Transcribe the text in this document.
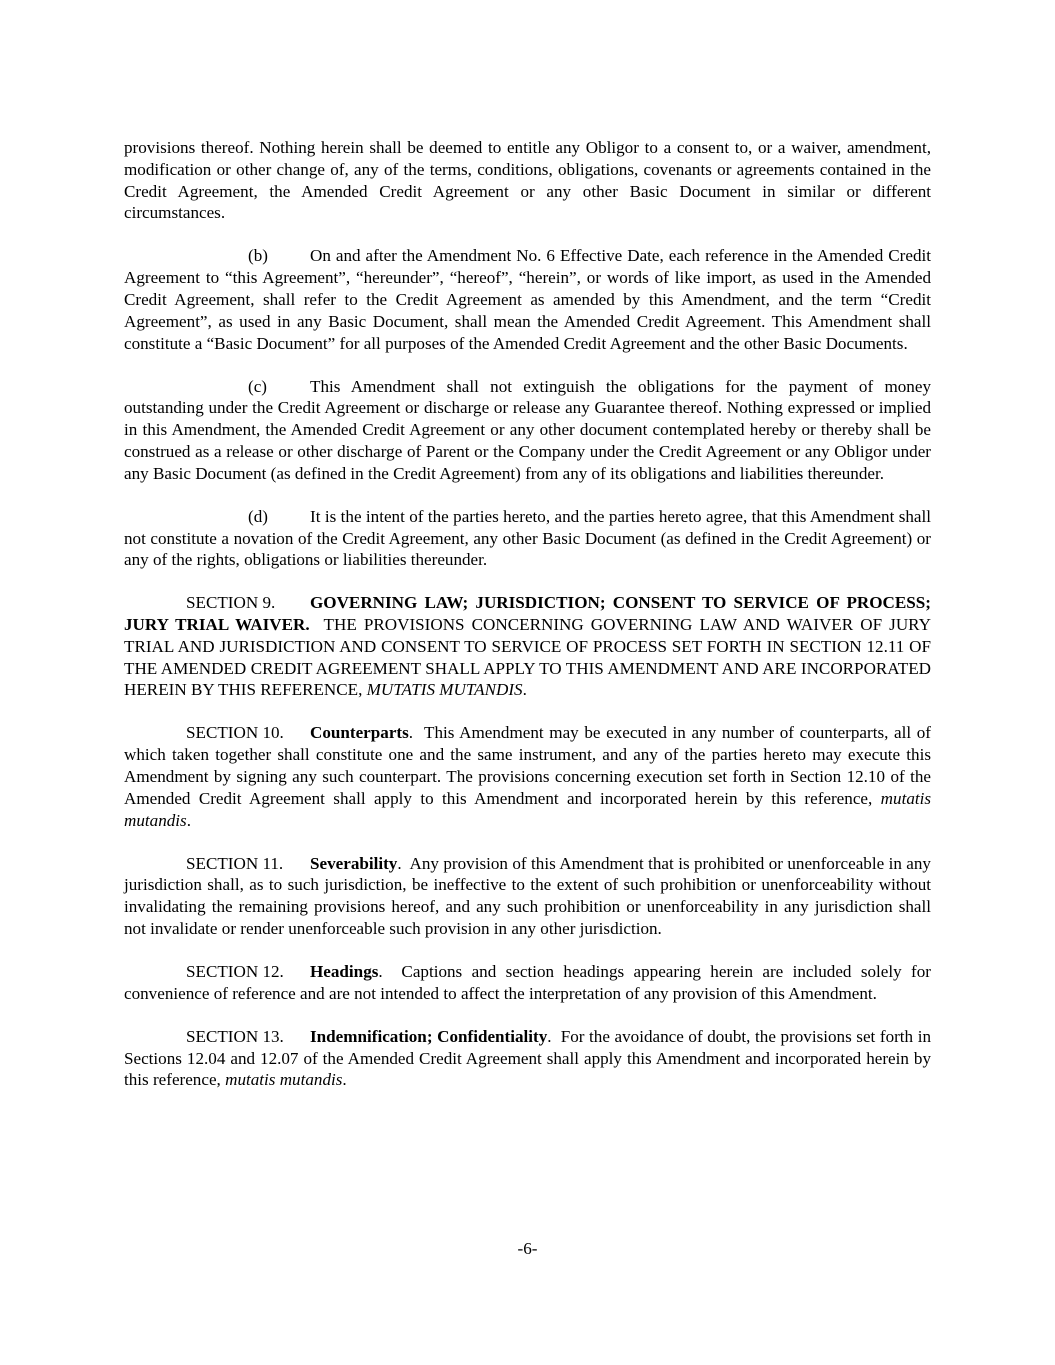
provisions thereof. Nothing herein shall be deemed to entitle any Obligor to a consent to, or a waiver, amendment, modification or other change of, any of the terms, conditions, obligations, covenants or agreements contained in the Credit Agreement, the Amended Credit Agreement or any other Basic Document in similar or different circumstances.

(b) On and after the Amendment No. 6 Effective Date, each reference in the Amended Credit Agreement to “this Agreement”, “hereunder”, “hereof”, “herein”, or words of like import, as used in the Amended Credit Agreement, shall refer to the Credit Agreement as amended by this Amendment, and the term “Credit Agreement”, as used in any Basic Document, shall mean the Amended Credit Agreement. This Amendment shall constitute a “Basic Document” for all purposes of the Amended Credit Agreement and the other Basic Documents.

(c)	This Amendment shall not extinguish the obligations for the payment of money outstanding under the Credit Agreement or discharge or release any Guarantee thereof. Nothing expressed or implied in this Amendment, the Amended Credit Agreement or any other document contemplated hereby or thereby shall be construed as a release or other discharge of Parent or the Company under the Credit Agreement or any Obligor under any Basic Document (as defined in the Credit Agreement) from any of its obligations and liabilities thereunder.

(d) It is the intent of the parties hereto, and the parties hereto agree, that this Amendment shall not constitute a novation of the Credit Agreement, any other Basic Document (as defined in the Credit Agreement) or any of the rights, obligations or liabilities thereunder.

SECTION 9. GOVERNING LAW; JURISDICTION; CONSENT TO SERVICE OF PROCESS; JURY TRIAL WAIVER. THE PROVISIONS CONCERNING GOVERNING LAW AND WAIVER OF JURY TRIAL AND JURISDICTION AND CONSENT TO SERVICE OF PROCESS SET FORTH IN SECTION 12.11 OF THE AMENDED CREDIT AGREEMENT SHALL APPLY TO THIS AMENDMENT AND ARE INCORPORATED HEREIN BY THIS REFERENCE, MUTATIS MUTANDIS.

SECTION 10. Counterparts.  This Amendment may be executed in any number of counterparts, all of which taken together shall constitute one and the same instrument, and any of the parties hereto may execute this Amendment by signing any such counterpart. The provisions concerning execution set forth in Section 12.10 of the Amended Credit Agreement shall apply to this Amendment and incorporated herein by this reference, mutatis mutandis.

SECTION 11. Severability.  Any provision of this Amendment that is prohibited or unenforceable in any jurisdiction shall, as to such jurisdiction, be ineffective to the extent of such prohibition or unenforceability without invalidating the remaining provisions hereof, and any such prohibition or unenforceability in any jurisdiction shall not invalidate or render unenforceable such provision in any other jurisdiction.

SECTION 12. Headings.  Captions and section headings appearing herein are included solely for convenience of reference and are not intended to affect the interpretation of any provision of this Amendment.

SECTION 13. Indemnification; Confidentiality.  For the avoidance of doubt, the provisions set forth in Sections 12.04 and 12.07 of the Amended Credit Agreement shall apply this Amendment and incorporated herein by this reference, mutatis mutandis.

-6-
